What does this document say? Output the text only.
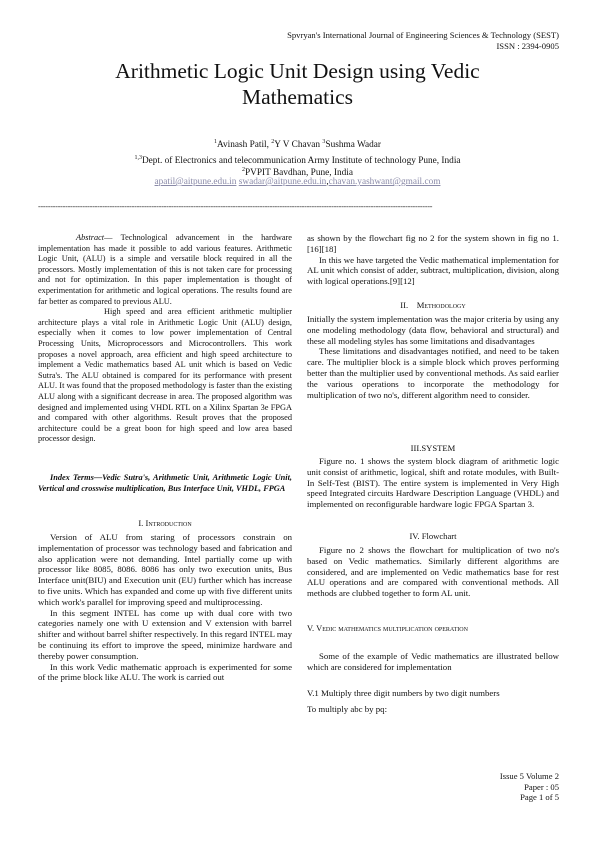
Spvryan's International Journal of Engineering Sciences & Technology (SEST)
ISSN : 2394-0905
Arithmetic Logic Unit Design using Vedic
Mathematics
$^1$Avinash Patil, $^2$Y V Chavan $^3$Sushma Wadar
$^{1,3}$Dept. of Electronics and telecommunication Army Institute of technology Pune, India
$^2$PVPIT Bavdhan, Pune, India
apatil@aitpune.edu.in swadar@aitpune.edu.in,chavan.yashwant@gmail.com
----------------------------------------------------------------------------------------------------------------------------------------------------------------

Abstract— Technological advancement in the hardware implementation has made it possible to add various features. Arithmetic Logic Unit, (ALU) is a simple and versatile block required in all the processors. Mostly implementation of this is not taken care for processing and not for optimization. In this paper implementation is thought of experimentation for arithmetic and logical operations. The results found are far better as compared to previous ALU.

High speed and area efficient arithmetic multiplier architecture plays a vital role in Arithmetic Logic Unit (ALU) design, especially when it comes to low power implementation of Central Processing Units, Microprocessors and Microcontrollers. This work proposes a novel approach, area efficient and high speed architecture to implement a Vedic mathematics based AL unit which is based on Vedic Sutra's. The ALU obtained is compared for its performance with present ALU. It was found that the proposed methodology is faster than the existing ALU along with a significant decrease in area. The proposed algorithm was designed and implemented using VHDL RTL on a Xilinx Spartan 3e FPGA and compared with other algorithms. Result proves that the proposed architecture could be a great boon for high speed and low area based processor design.

Index Terms—Vedic Sutra's, Arithmetic Unit, Arithmetic Logic Unit, Vertical and crosswise multiplication, Bus Interface Unit, VHDL, FPGA

I. Introduction

Version of ALU from staring of processors constrain on implementation of processor was technology based and fabrication and also application were not demanding. Intel partially come up with processor like 8085, 8086. 8086 has only two execution units, Bus Interface unit(BIU) and Execution unit (EU) further which has increase to five units. Which has expanded and come up with five different units which work's parallel for improving speed and multiprocessing.

In this segment INTEL has come up with dual core with two categories namely one with U extension and V extension with barrel shifter and without barrel shifter respectively. In this regard INTEL may be continuing its effort to improve the speed, minimize hardware and thereby power consumption.

In this work Vedic mathematic approach is experimented for some of the prime block like ALU. The work is carried out

as shown by the flowchart fig no 2 for the system shown in fig no 1.[16][18]

In this we have targeted the Vedic mathematical implementation for AL unit which consist of adder, subtract, multiplication, division, along with logical operations.[9][12]

II. Methodology

Initially the system implementation was the major criteria by using any one modeling methodology (data flow, behavioral and structural) and these all modeling styles has some limitations and disadvantages

These limitations and disadvantages notified, and need to be taken care. The multiplier block is a simple block which proves performing better than the multiplier used by conventional methods. As said earlier the various operations to incorporate the methodology for multiplication of two no's, different algorithm need to consider.

III.SYSTEM

Figure no. 1 shows the system block diagram of arithmetic logic unit consist of arithmetic, logical, shift and rotate modules, with Built-In Self-Test (BIST). The entire system is implemented in Very High speed Integrated circuits Hardware Description Language (VHDL) and implemented on reconfigurable hardware logic FPGA Spartan 3.

IV. Flowchart

Figure no 2 shows the flowchart for multiplication of two no's based on Vedic mathematics. Similarly different algorithms are considered, and are implemented on Vedic mathematics base for rest ALU operations and are compared with conventional methods. All methods are clubbed together to form AL unit.

V. Vedic mathematics multiplication operation

Some of the example of Vedic mathematics are illustrated bellow which are considered for implementation

V.1 Multiply three digit numbers by two digit numbers
To multiply abc by pq:
Issue 5 Volume 2
Paper : 05
Page 1 of 5
